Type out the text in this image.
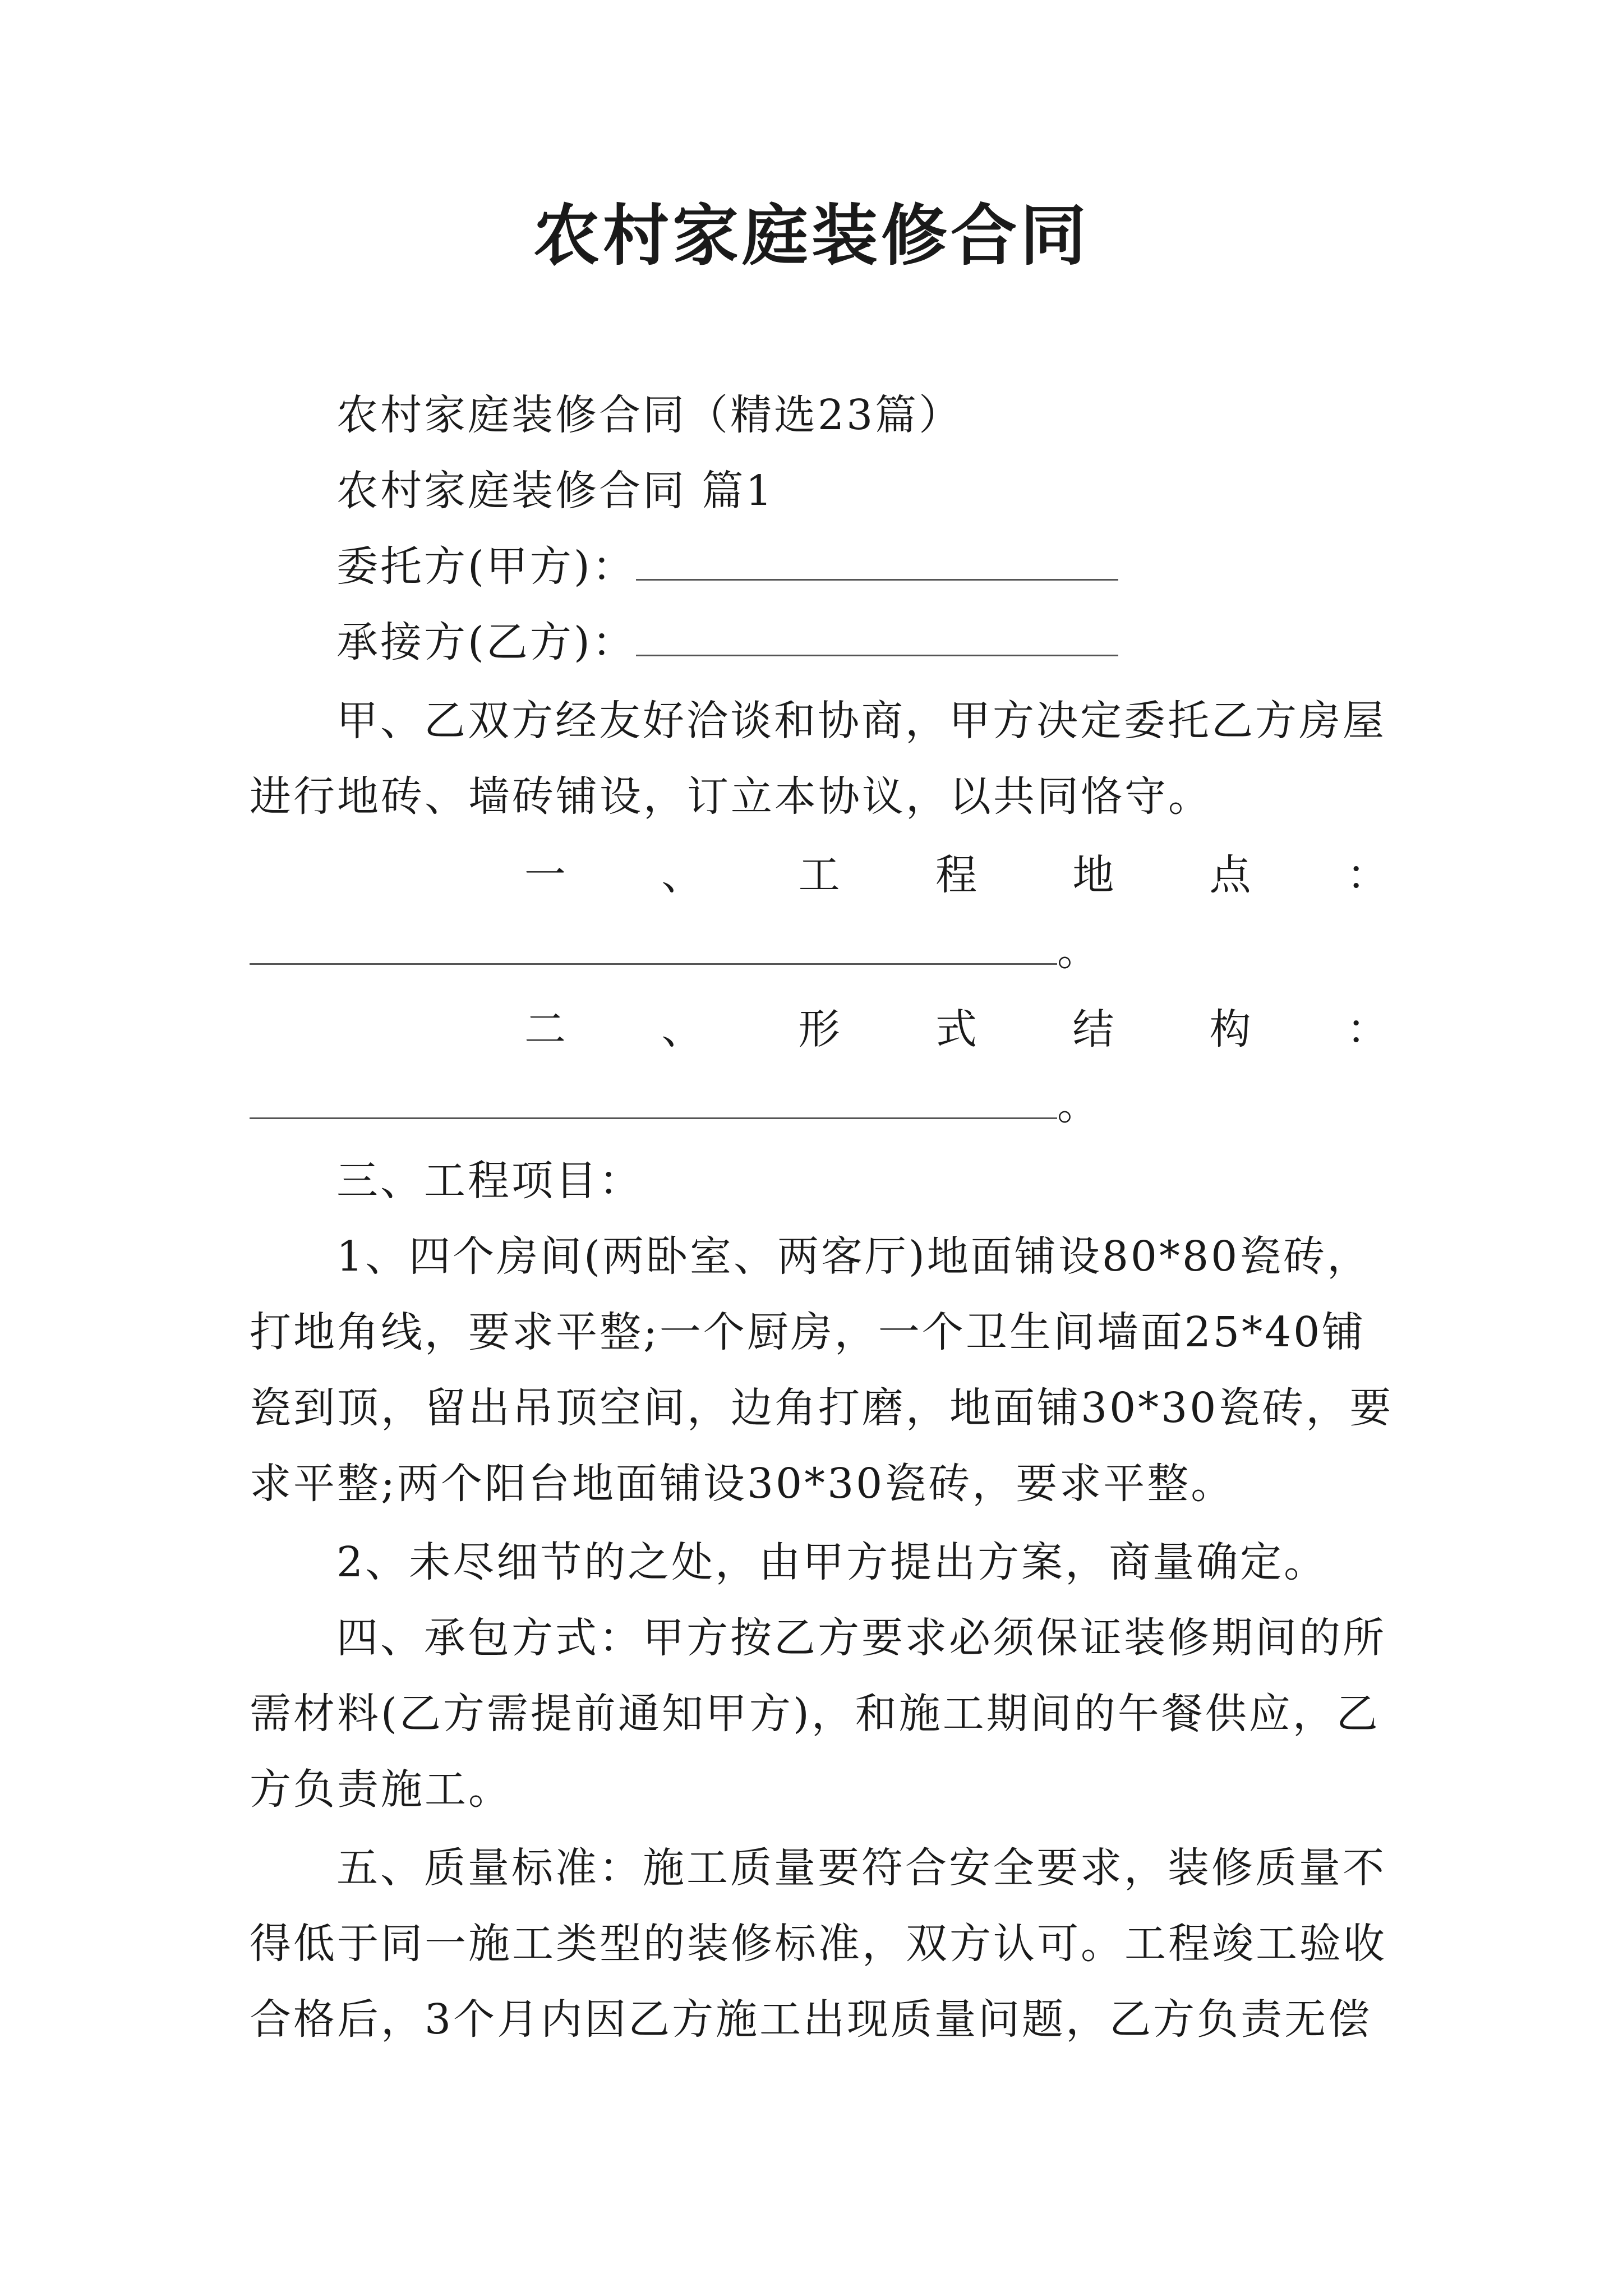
农村家庭装修合同
农村家庭装修合同（精选23篇）
农村家庭装修合同 篇1
委托方(甲方)：
承接方(乙方)：
甲、乙双方经友好洽谈和协商，甲方决定委托乙方房屋
进行地砖、墙砖铺设，订立本协议，以共同恪守。
一 、 工 程 地 点 ：
。
二 、 形 式 结 构 ：
。
三、工程项目：
1、四个房间(两卧室、两客厅)地面铺设80*80瓷砖，
打地角线，要求平整;一个厨房，一个卫生间墙面25*40铺
瓷到顶，留出吊顶空间，边角打磨，地面铺30*30瓷砖，要
求平整;两个阳台地面铺设30*30瓷砖，要求平整。
2、未尽细节的之处，由甲方提出方案，商量确定。
四、承包方式：甲方按乙方要求必须保证装修期间的所
需材料(乙方需提前通知甲方)，和施工期间的午餐供应，乙
方负责施工。
五、质量标准：施工质量要符合安全要求，装修质量不
得低于同一施工类型的装修标准，双方认可。工程竣工验收
合格后，3个月内因乙方施工出现质量问题，乙方负责无偿
